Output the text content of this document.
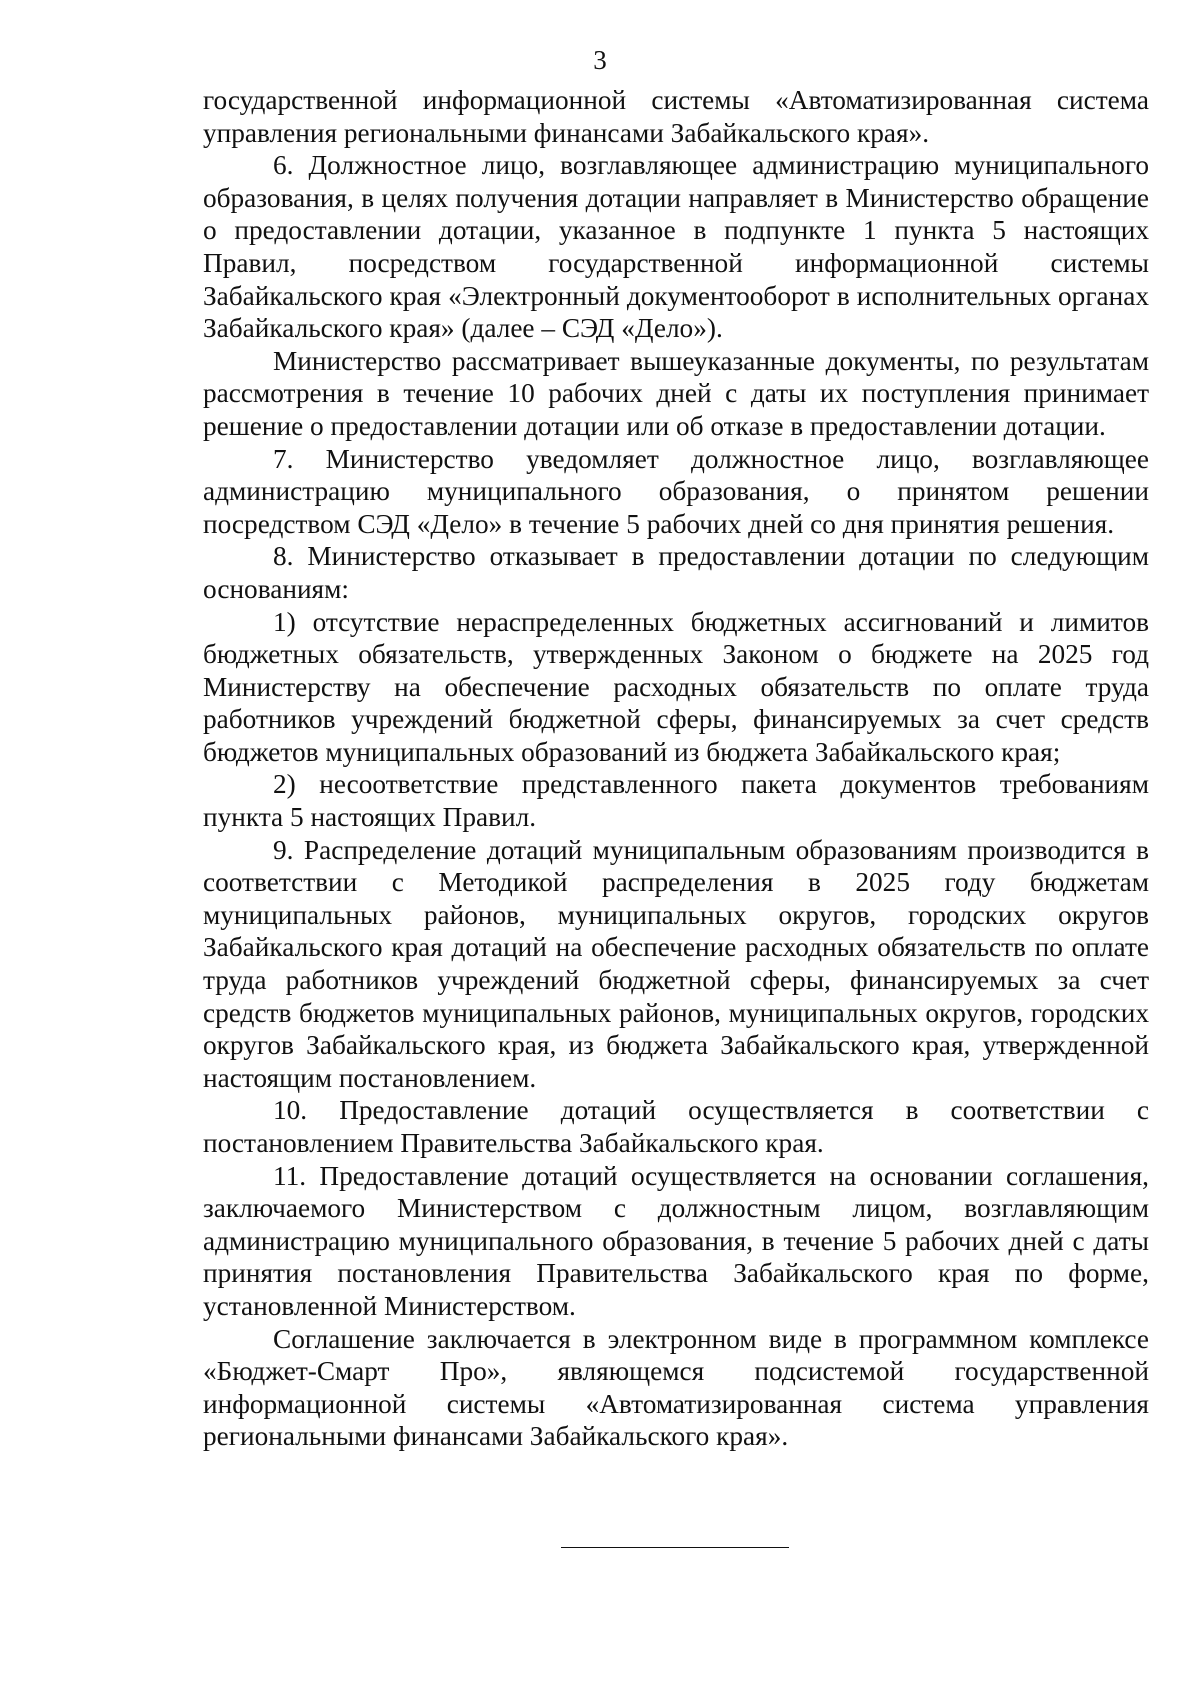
3

государственной информационной системы «Автоматизированная система управления региональными финансами Забайкальского края».

6. Должностное лицо, возглавляющее администрацию муниципального образования, в целях получения дотации направляет в Министерство обращение о предоставлении дотации, указанное в подпункте 1 пункта 5 настоящих Правил, посредством государственной информационной системы Забайкальского края «Электронный документооборот в исполнительных органах Забайкальского края» (далее – СЭД «Дело»).

Министерство рассматривает вышеуказанные документы, по результатам рассмотрения в течение 10 рабочих дней с даты их поступления принимает решение о предоставлении дотации или об отказе в предоставлении дотации.

7. Министерство уведомляет должностное лицо, возглавляющее администрацию муниципального образования, о принятом решении посредством СЭД «Дело» в течение 5 рабочих дней со дня принятия решения.

8. Министерство отказывает в предоставлении дотации по следующим основаниям:

1) отсутствие нераспределенных бюджетных ассигнований и лимитов бюджетных обязательств, утвержденных Законом о бюджете на 2025 год Министерству на обеспечение расходных обязательств по оплате труда работников учреждений бюджетной сферы, финансируемых за счет средств бюджетов муниципальных образований из бюджета Забайкальского края;

2) несоответствие представленного пакета документов требованиям пункта 5 настоящих Правил.

9. Распределение дотаций муниципальным образованиям производится в соответствии с Методикой распределения в 2025 году бюджетам муниципальных районов, муниципальных округов, городских округов Забайкальского края дотаций на обеспечение расходных обязательств по оплате труда работников учреждений бюджетной сферы, финансируемых за счет средств бюджетов муниципальных районов, муниципальных округов, городских округов Забайкальского края, из бюджета Забайкальского края, утвержденной настоящим постановлением.

10. Предоставление дотаций осуществляется в соответствии с постановлением Правительства Забайкальского края.

11. Предоставление дотаций осуществляется на основании соглашения, заключаемого Министерством с должностным лицом, возглавляющим администрацию муниципального образования, в течение 5 рабочих дней с даты принятия постановления Правительства Забайкальского края по форме, установленной Министерством.

Соглашение заключается в электронном виде в программном комплексе «Бюджет-Смарт Про», являющемся подсистемой государственной информационной системы «Автоматизированная система управления региональными финансами Забайкальского края».
